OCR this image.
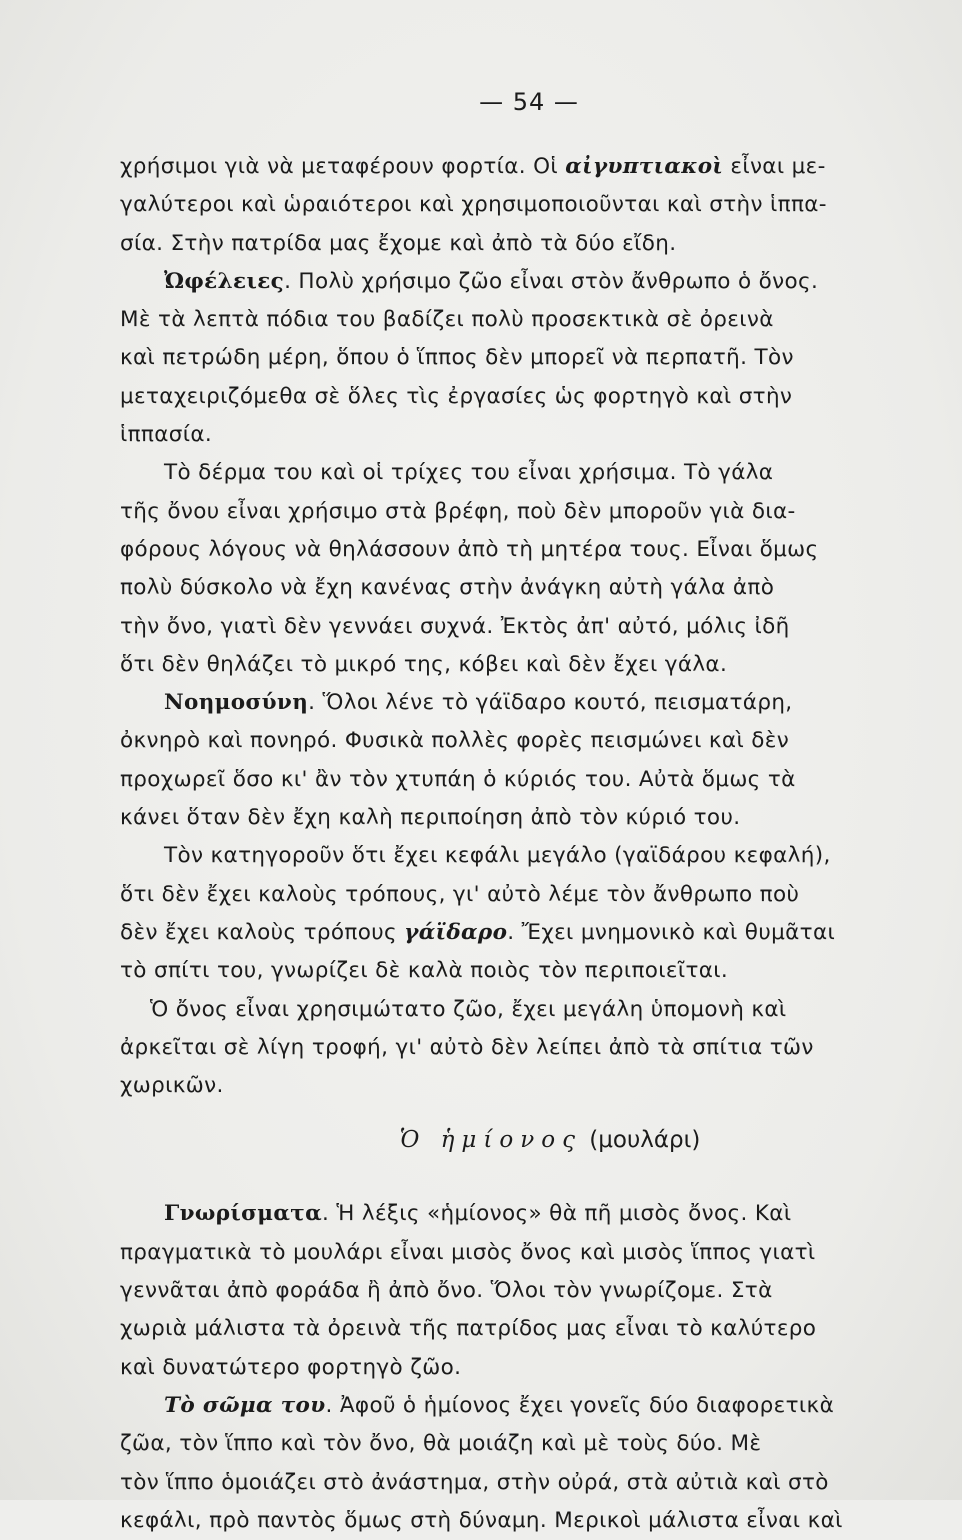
— 54 —
χρήσιμοι γιὰ νὰ μεταφέρουν φορτία. Οἱ αἰγυπτιακοὶ εἶναι με-
γαλύτεροι καὶ ὡραιότεροι καὶ χρησιμοποιοῦνται καὶ στὴν ἱππα-
σία. Στὴν πατρίδα μας ἔχομε καὶ ἀπὸ τὰ δύο εἴδη.
Ὠφέλειες. Πολὺ χρήσιμο ζῶο εἶναι στὸν ἄνθρωπο ὁ ὄνος.
Μὲ τὰ λεπτὰ πόδια του βαδίζει πολὺ προσεκτικὰ σὲ ὀρεινὰ
καὶ πετρώδη μέρη, ὅπου ὁ ἵππος δὲν μπορεῖ νὰ περπατῆ. Τὸν
μεταχειριζόμεθα σὲ ὅλες τὶς ἐργασίες ὡς φορτηγὸ καὶ στὴν
ἱππασία.
Τὸ δέρμα του καὶ οἱ τρίχες του εἶναι χρήσιμα. Τὸ γάλα
τῆς ὄνου εἶναι χρήσιμο στὰ βρέφη, ποὺ δὲν μποροῦν γιὰ δια-
φόρους λόγους νὰ θηλάσσουν ἀπὸ τὴ μητέρα τους. Εἶναι ὅμως
πολὺ δύσκολο νὰ ἔχη κανένας στὴν ἀνάγκη αὐτὴ γάλα ἀπὸ
τὴν ὄνο, γιατὶ δὲν γεννάει συχνά. Ἐκτὸς ἀπ' αὐτό, μόλις ἰδῆ
ὅτι δὲν θηλάζει τὸ μικρό της, κόβει καὶ δὲν ἔχει γάλα.
Νοημοσύνη. Ὅλοι λένε τὸ γάϊδαρο κουτό, πεισματάρη,
ὀκνηρὸ καὶ πονηρό. Φυσικὰ πολλὲς φορὲς πεισμώνει καὶ δὲν
προχωρεῖ ὅσο κι' ἂν τὸν χτυπάη ὁ κύριός του. Αὐτὰ ὅμως τὰ
κάνει ὅταν δὲν ἔχη καλὴ περιποίηση ἀπὸ τὸν κύριό του.
Τὸν κατηγοροῦν ὅτι ἔχει κεφάλι μεγάλο (γαϊδάρου κεφαλή),
ὅτι δὲν ἔχει καλοὺς τρόπους, γι' αὐτὸ λέμε τὸν ἄνθρωπο ποὺ
δὲν ἔχει καλοὺς τρόπους γάϊδαρο. Ἔχει μνημονικὸ καὶ θυμᾶται
τὸ σπίτι του, γνωρίζει δὲ καλὰ ποιὸς τὸν περιποιεῖται.
Ὁ ὄνος εἶναι χρησιμώτατο ζῶο, ἔχει μεγάλη ὑπομονὴ καὶ
ἀρκεῖται σὲ λίγη τροφή, γι' αὐτὸ δὲν λείπει ἀπὸ τὰ σπίτια τῶν
χωρικῶν.
Ὁ ἡμίονος (μουλάρι)
Γνωρίσματα. Ἡ λέξις «ἡμίονος» θὰ πῆ μισὸς ὄνος. Καὶ
πραγματικὰ τὸ μουλάρι εἶναι μισὸς ὄνος καὶ μισὸς ἵππος γιατὶ
γεννᾶται ἀπὸ φοράδα ἢ ἀπὸ ὄνο. Ὅλοι τὸν γνωρίζομε. Στὰ
χωριὰ μάλιστα τὰ ὀρεινὰ τῆς πατρίδος μας εἶναι τὸ καλύτερο
καὶ δυνατώτερο φορτηγὸ ζῶο.
Τὸ σῶμα του. Ἀφοῦ ὁ ἡμίονος ἔχει γονεῖς δύο διαφορετικὰ
ζῶα, τὸν ἵππο καὶ τὸν ὄνο, θὰ μοιάζη καὶ μὲ τοὺς δύο. Μὲ
τὸν ἵππο ὁμοιάζει στὸ ἀνάστημα, στὴν οὐρά, στὰ αὐτιὰ καὶ στὸ
κεφάλι, πρὸ παντὸς ὅμως στὴ δύναμη. Μερικοὶ μάλιστα εἶναι καὶ
